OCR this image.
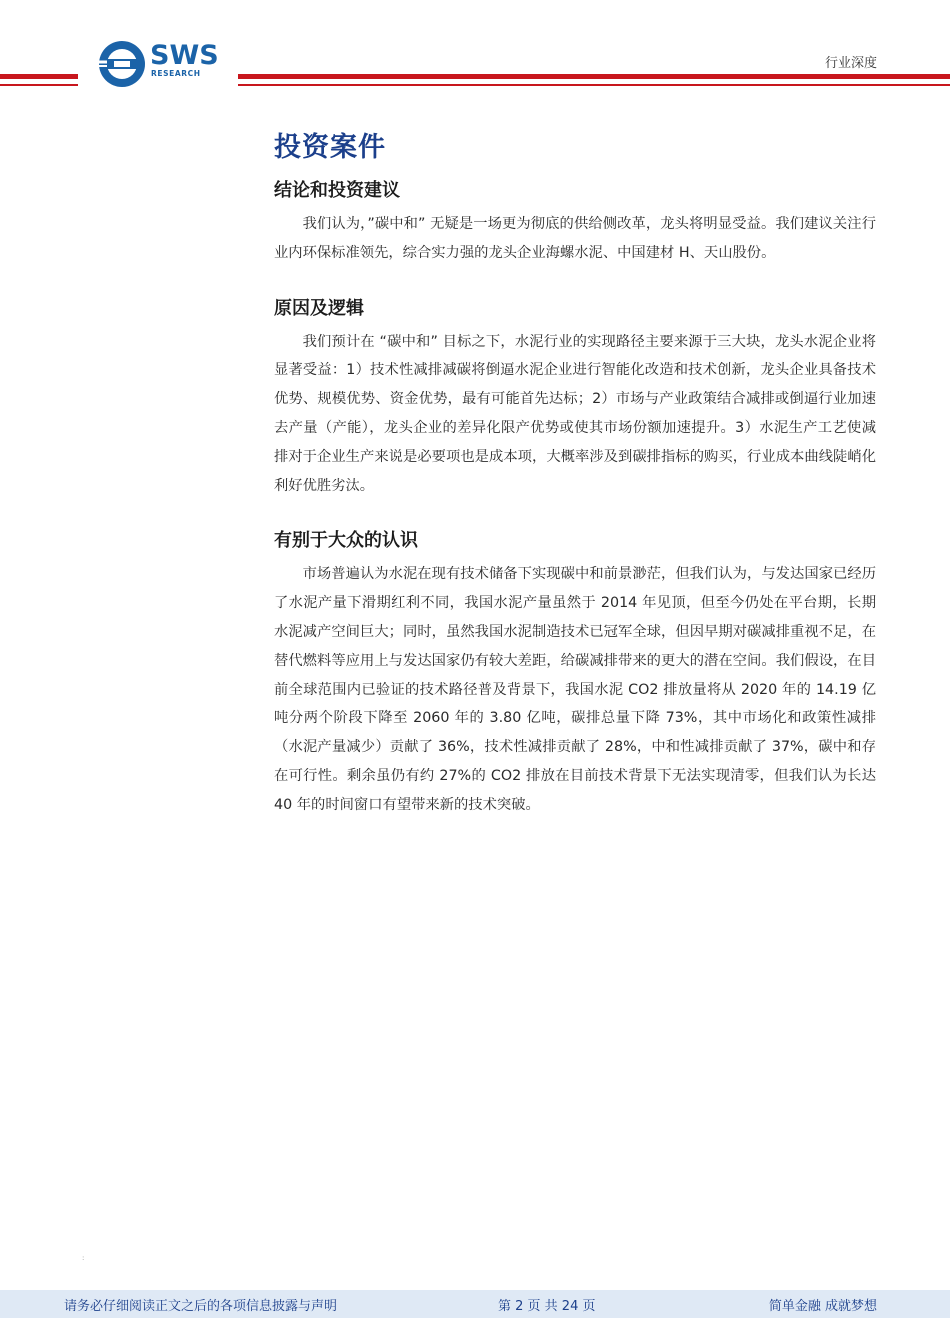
SWS
RESEARCH
行业深度
投资案件
结论和投资建议

我们认为，”碳中和” 无疑是一场更为彻底的供给侧改革，龙头将明显受益。我们建议关注行业内环保标准领先，综合实力强的龙头企业海螺水泥、中国建材 H、天山股份。

原因及逻辑

我们预计在 “碳中和” 目标之下，水泥行业的实现路径主要来源于三大块，龙头水泥企业将显著受益：1）技术性减排减碳将倒逼水泥企业进行智能化改造和技术创新，龙头企业具备技术优势、规模优势、资金优势，最有可能首先达标；2）市场与产业政策结合减排或倒逼行业加速去产量（产能），龙头企业的差异化限产优势或使其市场份额加速提升。3）水泥生产工艺使减排对于企业生产来说是必要项也是成本项，大概率涉及到碳排指标的购买，行业成本曲线陡峭化利好优胜劣汰。

有别于大众的认识

市场普遍认为水泥在现有技术储备下实现碳中和前景渺茫，但我们认为，与发达国家已经历了水泥产量下滑期红利不同，我国水泥产量虽然于 2014 年见顶，但至今仍处在平台期，长期水泥减产空间巨大；同时，虽然我国水泥制造技术已冠军全球，但因早期对碳减排重视不足，在替代燃料等应用上与发达国家仍有较大差距，给碳减排带来的更大的潜在空间。我们假设，在目前全球范围内已验证的技术路径普及背景下，我国水泥 CO2 排放量将从 2020 年的 14.19 亿吨分两个阶段下降至 2060 年的 3.80 亿吨，碳排总量下降 73%，其中市场化和政策性减排（水泥产量减少）贡献了 36%，技术性减排贡献了 28%，中和性减排贡献了 37%，碳中和存在可行性。剩余虽仍有约 27%的 CO2 排放在目前技术背景下无法实现清零，但我们认为长达 40 年的时间窗口有望带来新的技术突破。

:
请务必仔细阅读正文之后的各项信息披露与声明	第 2 页 共 24 页	简单金融 成就梦想
